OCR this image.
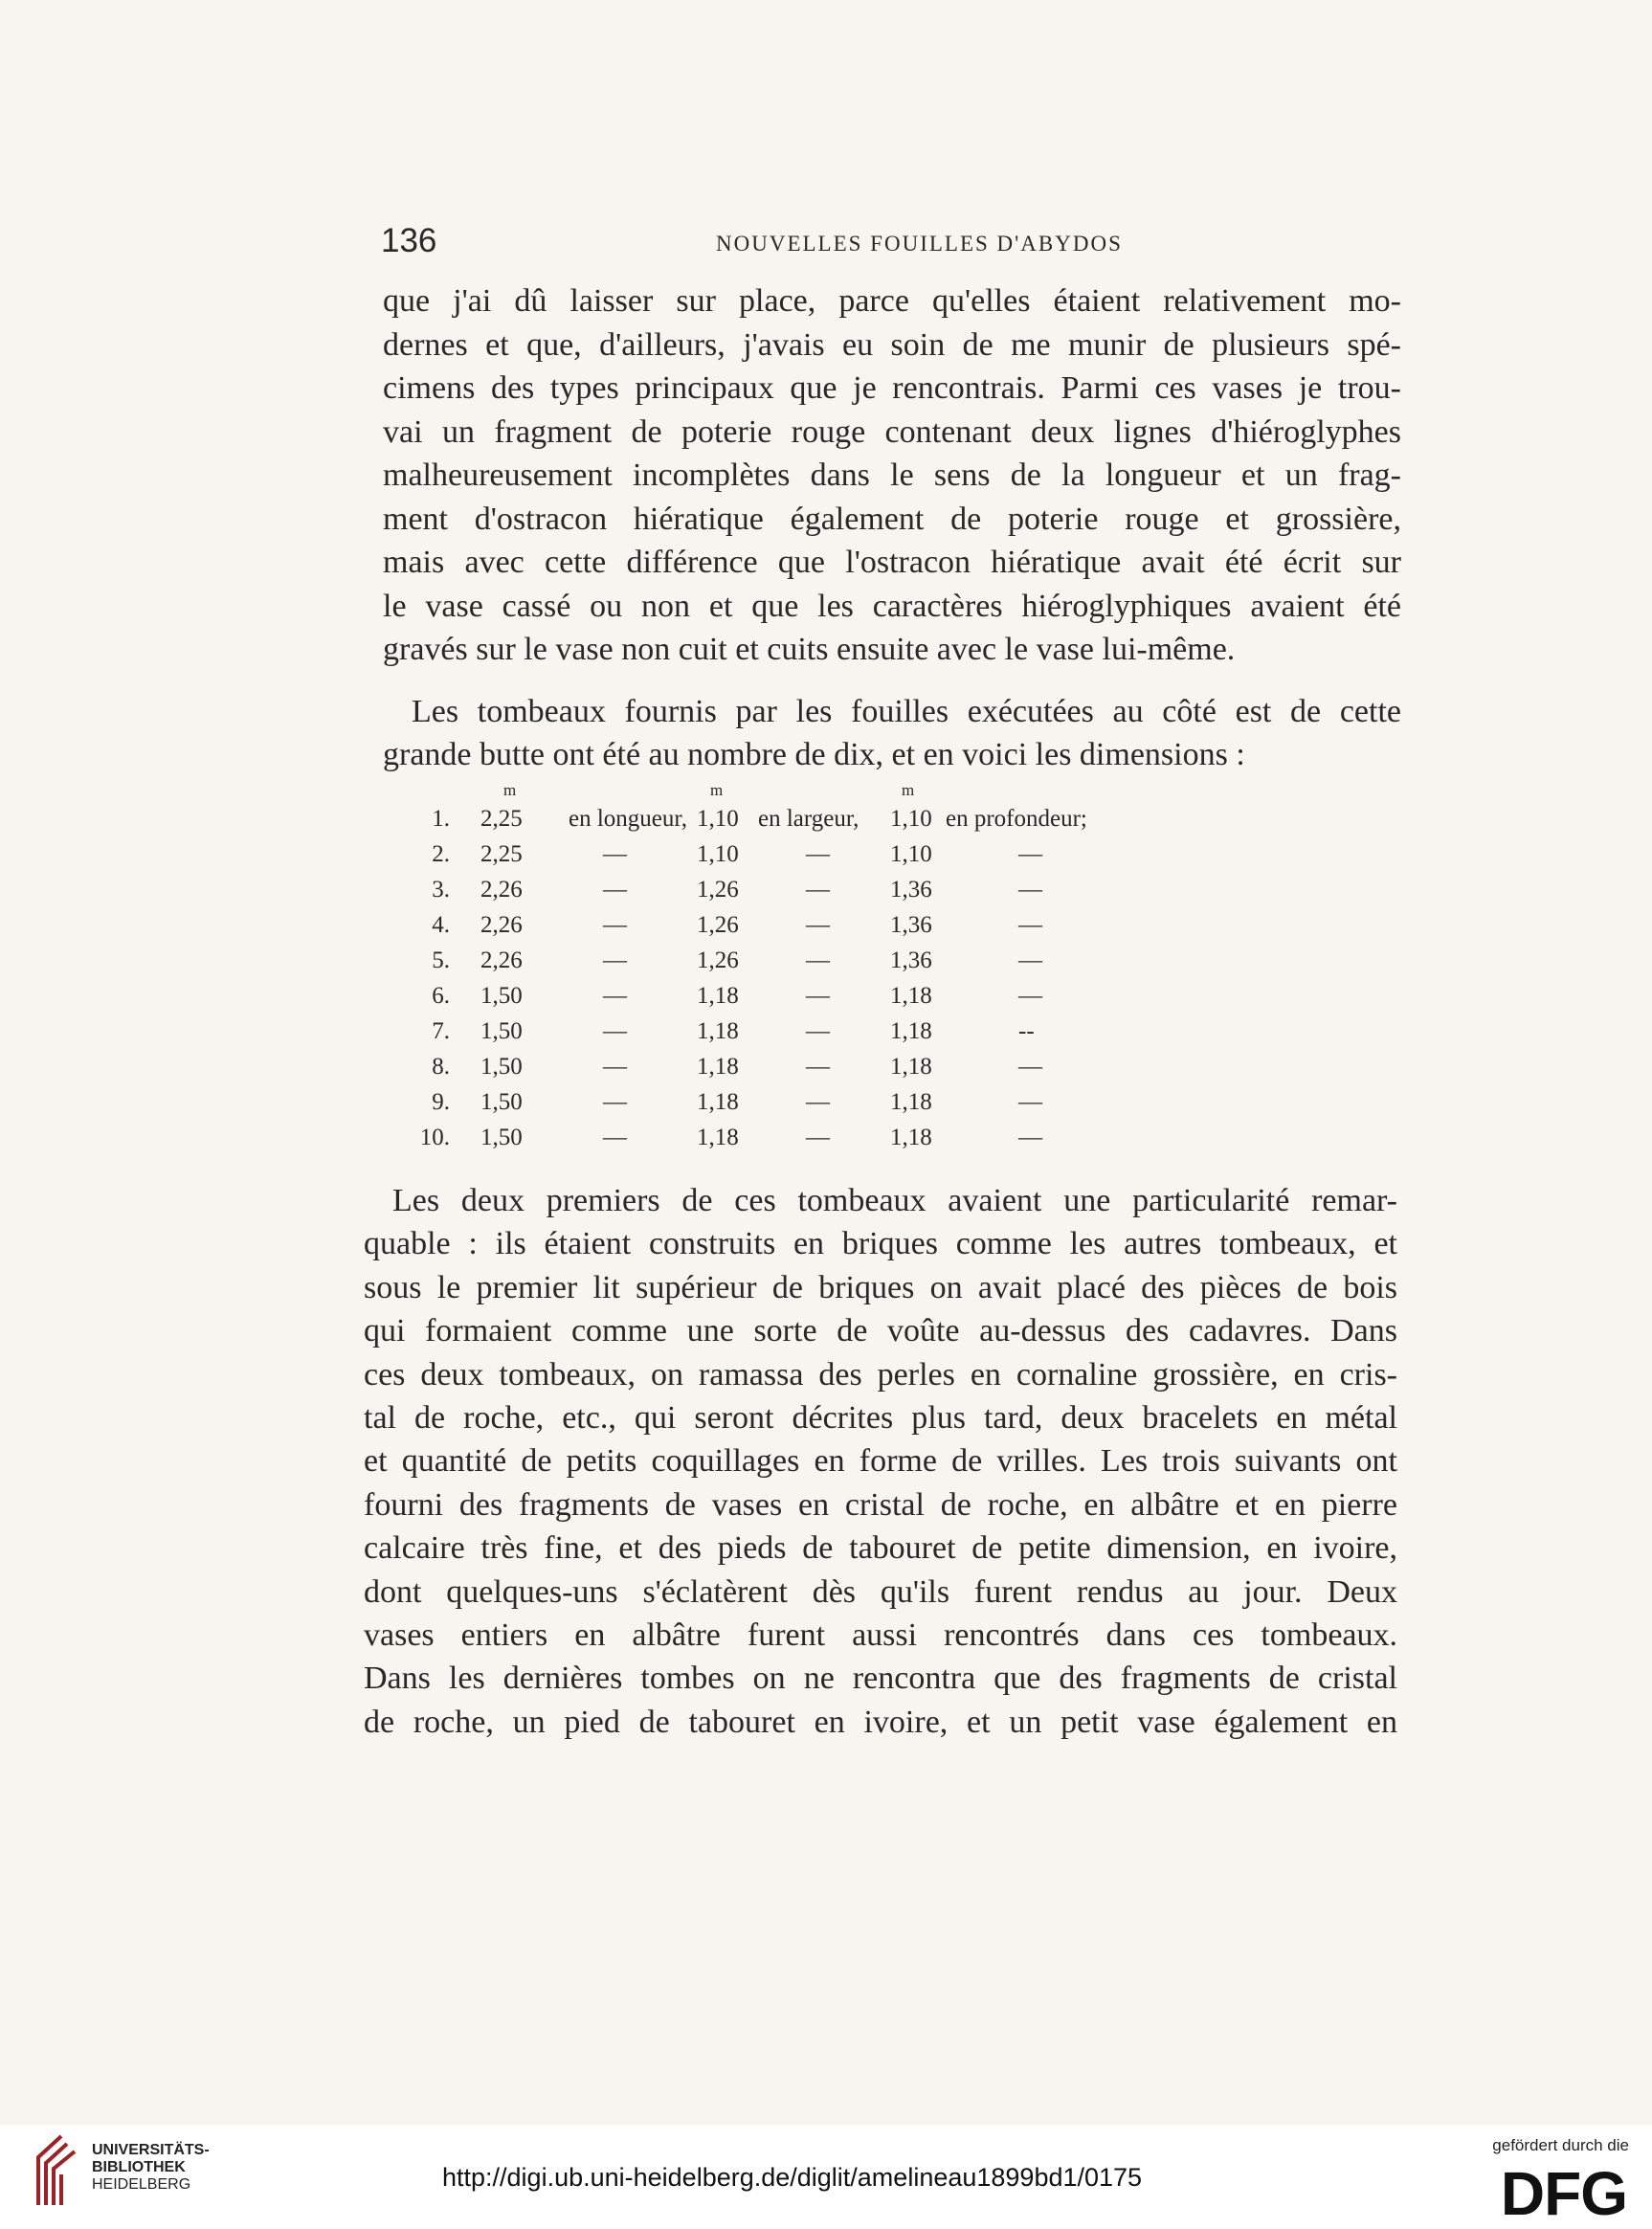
136	NOUVELLES FOUILLES D'ABYDOS

que j'ai dû laisser sur place, parce qu'elles étaient relativement mo-
dernes et que, d'ailleurs, j'avais eu soin de me munir de plusieurs spé-
cimens des types principaux que je rencontrais. Parmi ces vases je trou-
vai un fragment de poterie rouge contenant deux lignes d'hiéroglyphes
malheureusement incomplètes dans le sens de la longueur et un frag-
ment d'ostracon hiératique également de poterie rouge et grossière,
mais avec cette différence que l'ostracon hiératique avait été écrit sur
le vase cassé ou non et que les caractères hiéroglyphiques avaient été
gravés sur le vase non cuit et cuits ensuite avec le vase lui-même.

Les tombeaux fournis par les fouilles exécutées au côté est de cette
grande butte ont été au nombre de dix, et en voici les dimensions :

m	m	m
1. 2,25 en longueur, 1,10 en largeur, 1,10 en profondeur;
2. 2,25	—	1,10	—	1,10	—
3. 2,26	—	1,26	—	1,36	—
4. 2,26	—	1,26	—	1,36	—
5. 2,26	—	1,26	—	1,36	—
6. 1,50	—	1,18	—	1,18	—
7. 1,50	—	1,18	—	1,18	--
8. 1,50	—	1,18	—	1,18	—
9. 1,50	—	1,18	—	1,18	—
10. 1,50	—	1,18	—	1,18	—

Les deux premiers de ces tombeaux avaient une particularité remar-
quable : ils étaient construits en briques comme les autres tombeaux, et
sous le premier lit supérieur de briques on avait placé des pièces de bois
qui formaient comme une sorte de voûte au-dessus des cadavres. Dans
ces deux tombeaux, on ramassa des perles en cornaline grossière, en cris-
tal de roche, etc., qui seront décrites plus tard, deux bracelets en métal
et quantité de petits coquillages en forme de vrilles. Les trois suivants ont
fourni des fragments de vases en cristal de roche, en albâtre et en pierre
calcaire très fine, et des pieds de tabouret de petite dimension, en ivoire,
dont quelques-uns s'éclatèrent dès qu'ils furent rendus au jour. Deux
vases entiers en albâtre furent aussi rencontrés dans ces tombeaux.
Dans les dernières tombes on ne rencontra que des fragments de cristal
de roche, un pied de tabouret en ivoire, et un petit vase également en

UNIVERSITÄTS-
BIBLIOTHEK
HEIDELBERG	http://digi.ub.uni-heidelberg.de/diglit/amelineau1899bd1/0175
gefördert durch die
DFG
